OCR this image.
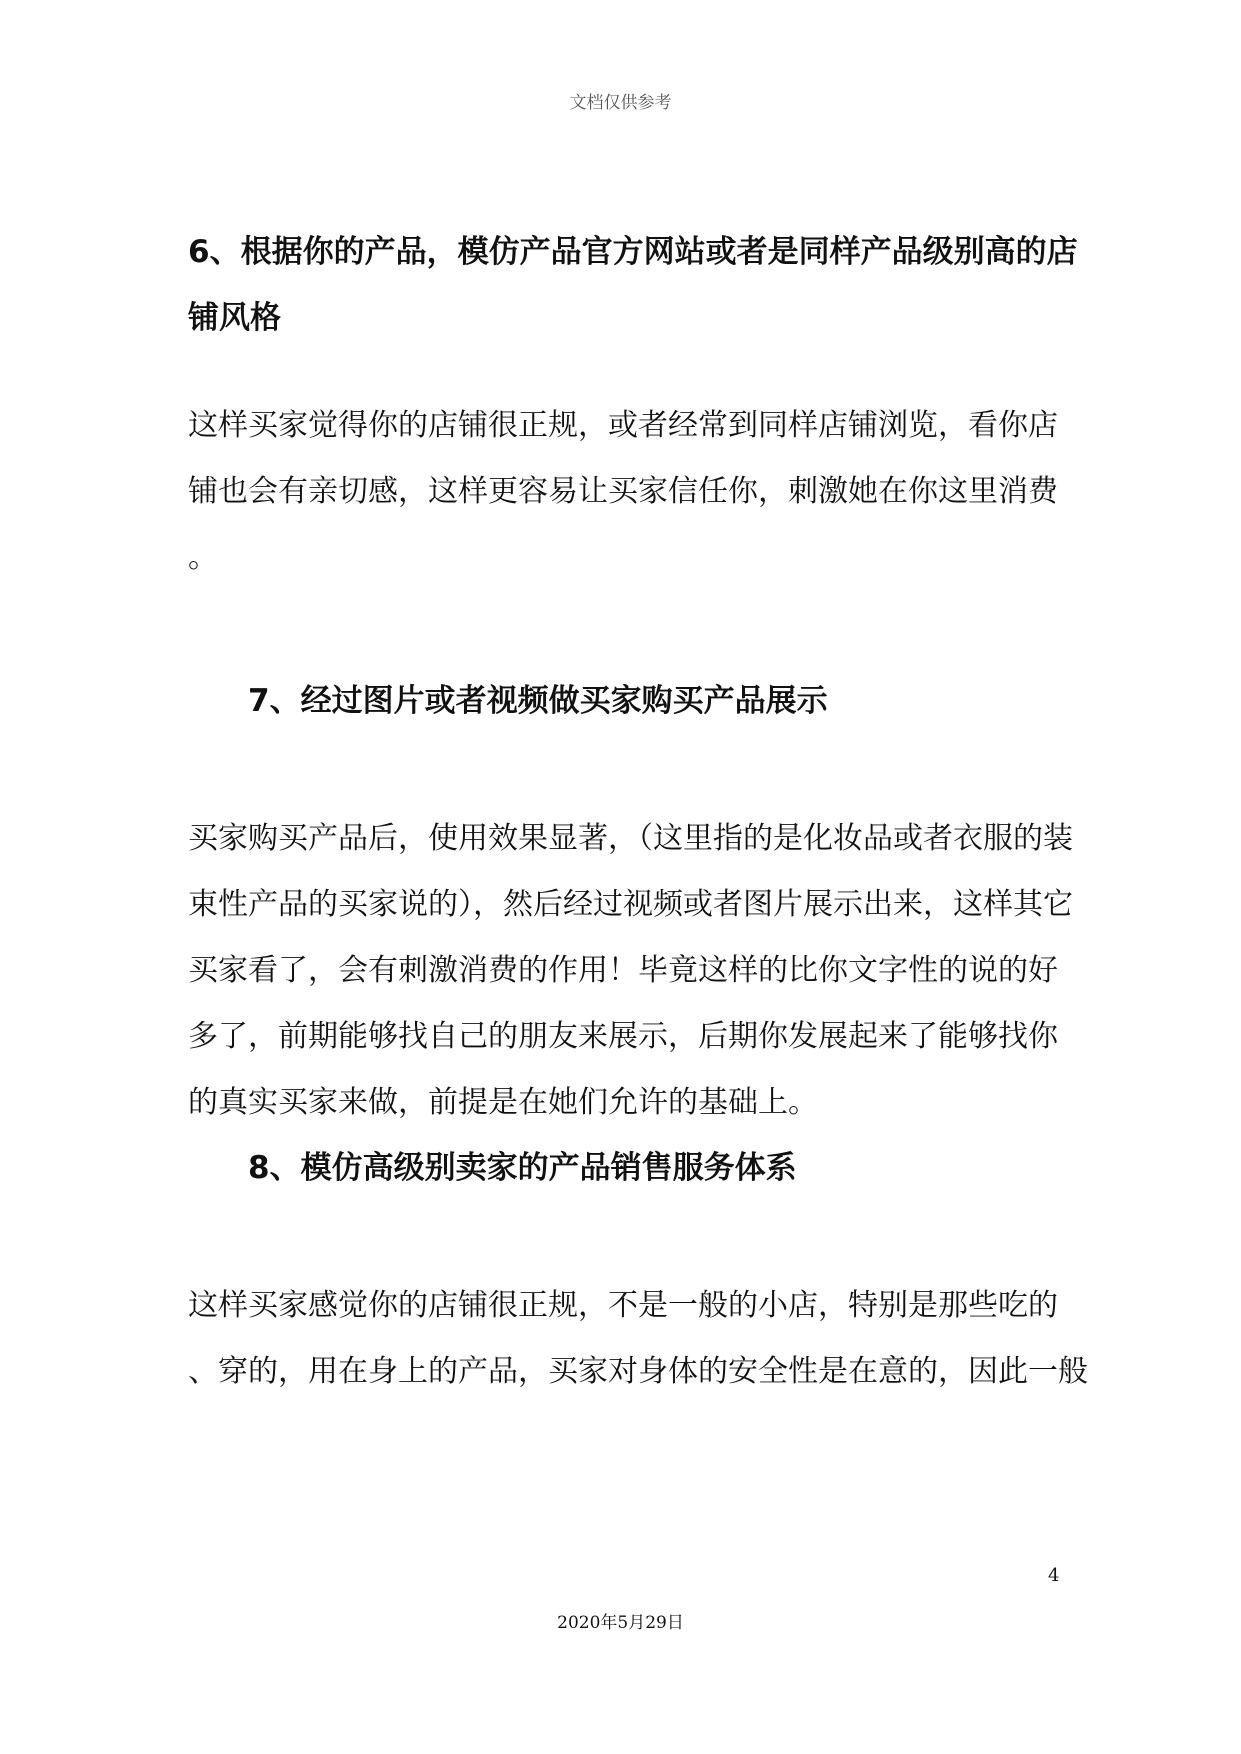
文档仅供参考
6、根据你的产品，模仿产品官方网站或者是同样产品级别高的店
铺风格
这样买家觉得你的店铺很正规，或者经常到同样店铺浏览，看你店
铺也会有亲切感，这样更容易让买家信任你，刺激她在你这里消费
。
7、经过图片或者视频做买家购买产品展示
买家购买产品后，使用效果显著，（这里指的是化妆品或者衣服的装
束性产品的买家说的），然后经过视频或者图片展示出来，这样其它
买家看了，会有刺激消费的作用！毕竟这样的比你文字性的说的好
多了，前期能够找自己的朋友来展示，后期你发展起来了能够找你
的真实买家来做，前提是在她们允许的基础上。
8、模仿高级别卖家的产品销售服务体系
这样买家感觉你的店铺很正规，不是一般的小店，特别是那些吃的
、穿的，用在身上的产品，买家对身体的安全性是在意的，因此一般
4
2020年5月29日
